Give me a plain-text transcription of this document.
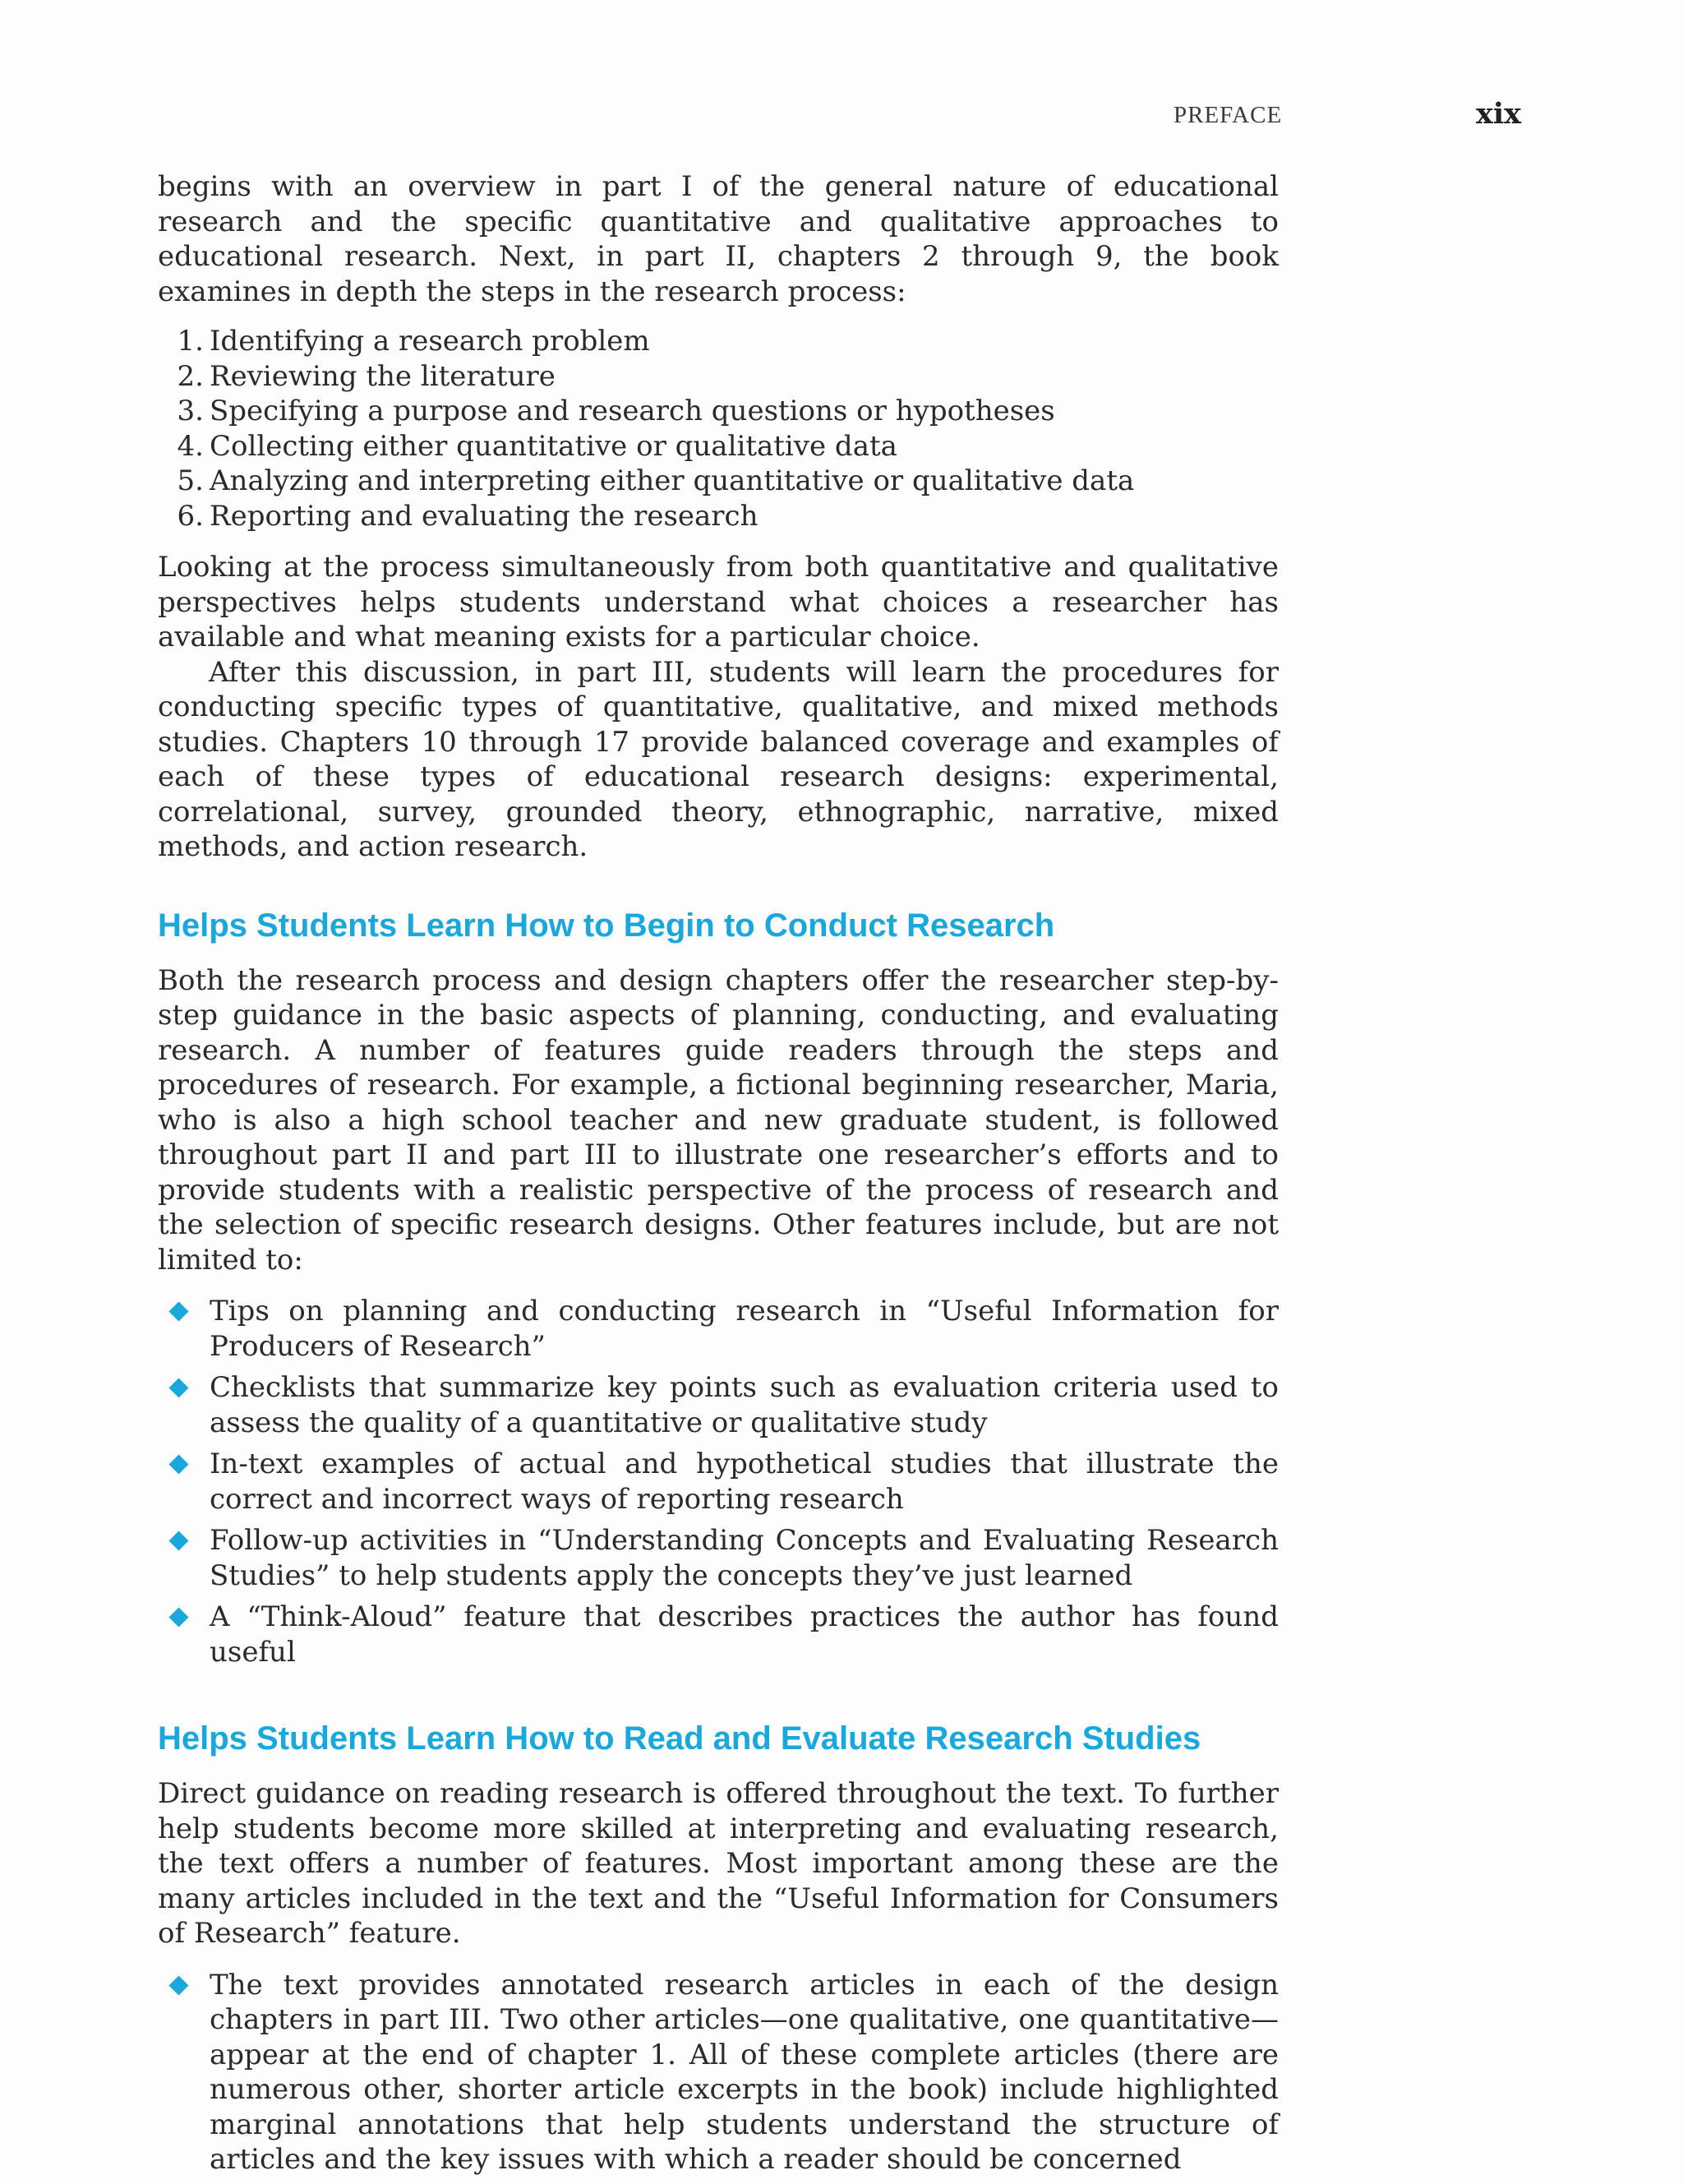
PREFACE	xix

begins with an overview in part I of the general nature of educational research and the specific quantitative and qualitative approaches to educational research. Next, in part II, chapters 2 through 9, the book examines in depth the steps in the research process:

1. Identifying a research problem
2. Reviewing the literature
3. Specifying a purpose and research questions or hypotheses
4. Collecting either quantitative or qualitative data
5. Analyzing and interpreting either quantitative or qualitative data
6. Reporting and evaluating the research

Looking at the process simultaneously from both quantitative and qualitative perspectives helps students understand what choices a researcher has available and what meaning exists for a particular choice.

After this discussion, in part III, students will learn the procedures for conducting specific types of quantitative, qualitative, and mixed methods studies. Chapters 10 through 17 provide balanced coverage and examples of each of these types of educational research designs: experimental, correlational, survey, grounded theory, ethnographic, narrative, mixed methods, and action research.

Helps Students Learn How to Begin to Conduct Research

Both the research process and design chapters offer the researcher step-by-step guidance in the basic aspects of planning, conducting, and evaluating research. A number of features guide readers through the steps and procedures of research. For example, a fictional beginning researcher, Maria, who is also a high school teacher and new graduate student, is followed throughout part II and part III to illustrate one researcher’s efforts and to provide students with a realistic perspective of the process of research and the selection of specific research designs. Other features include, but are not limited to:

Tips on planning and conducting research in “Useful Information for Producers of Research”
Checklists that summarize key points such as evaluation criteria used to assess the quality of a quantitative or qualitative study
In-text examples of actual and hypothetical studies that illustrate the correct and incorrect ways of reporting research
Follow-up activities in “Understanding Concepts and Evaluating Research Studies” to help students apply the concepts they’ve just learned
A “Think-Aloud” feature that describes practices the author has found useful
Helps Students Learn How to Read and Evaluate Research Studies

Direct guidance on reading research is offered throughout the text. To further help students become more skilled at interpreting and evaluating research, the text offers a number of features. Most important among these are the many articles included in the text and the “Useful Information for Consumers of Research” feature.

The text provides annotated research articles in each of the design chapters in part III. Two other articles—one qualitative, one quantitative—appear at the end of chapter 1. All of these complete articles (there are numerous other, shorter article excerpts in the book) include highlighted marginal annotations that help students understand the structure of articles and the key issues with which a reader should be concerned
